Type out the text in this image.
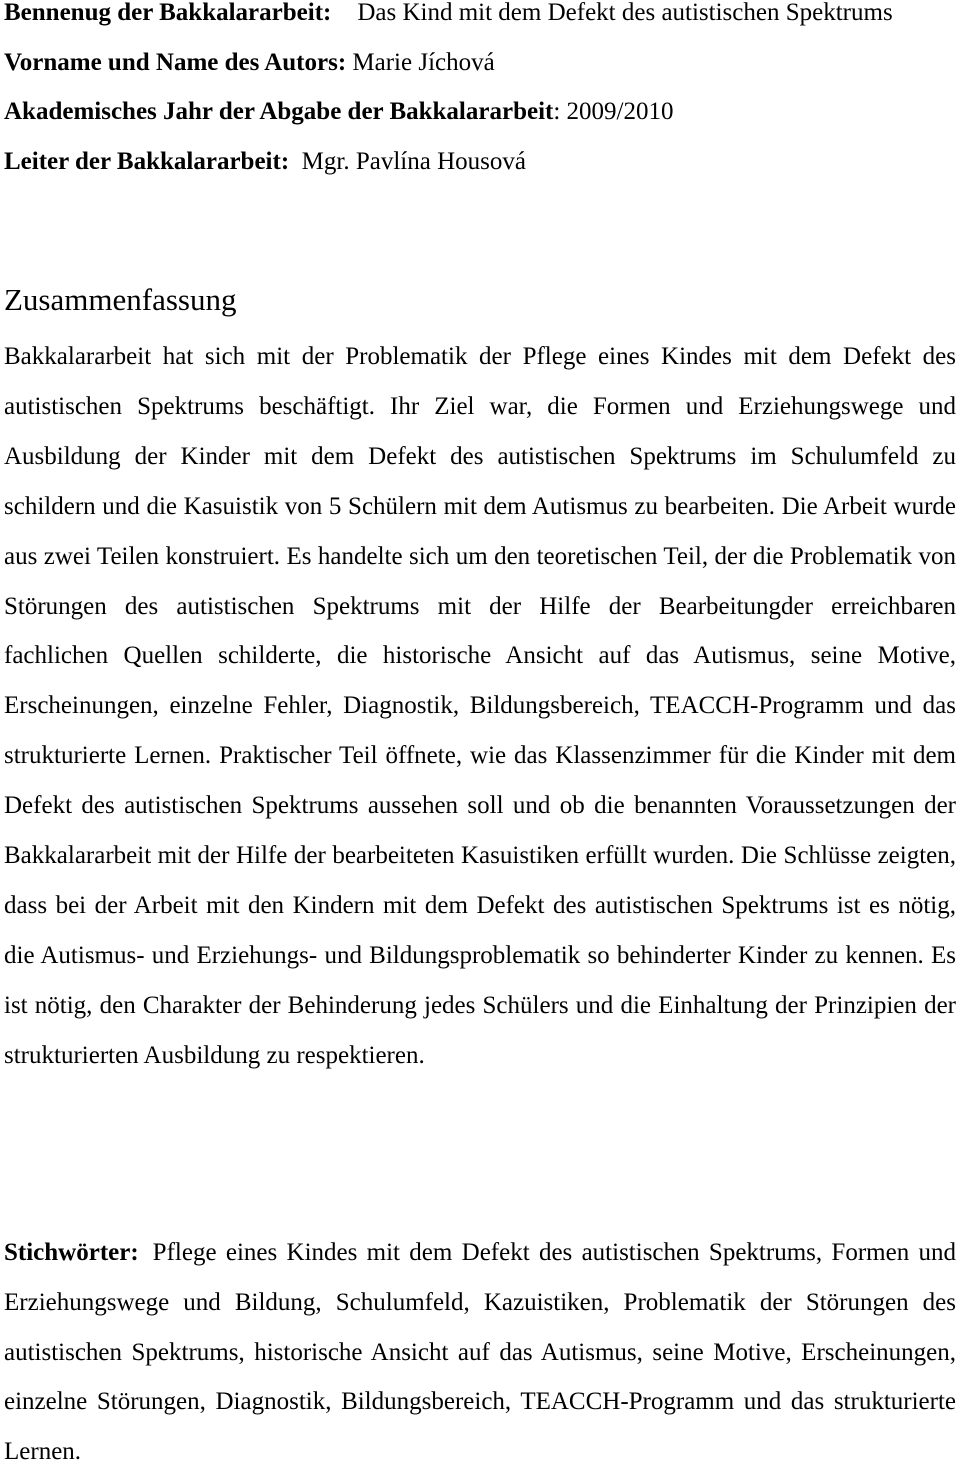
Bennenug der Bakkalararbeit: Das Kind mit dem Defekt des autistischen Spektrums

Vorname und Name des Autors: Marie Jíchová

Akademisches Jahr der Abgabe der Bakkalararbeit: 2009/2010

Leiter der Bakkalararbeit: Mgr. Pavlína Housová

Zusammenfassung

Bakkalararbeit hat sich mit der Problematik der Pflege eines Kindes mit dem Defekt des autistischen Spektrums beschäftigt. Ihr Ziel war, die Formen und Erziehungswege und Ausbildung der Kinder mit dem Defekt des autistischen Spektrums im Schulumfeld zu schildern und die Kasuistik von 5 Schülern mit dem Autismus zu bearbeiten. Die Arbeit wurde aus zwei Teilen konstruiert. Es handelte sich um den teoretischen Teil, der die Problematik von Störungen des autistischen Spektrums mit der Hilfe der Bearbeitungder erreichbaren fachlichen Quellen schilderte, die historische Ansicht auf das Autismus, seine Motive, Erscheinungen, einzelne Fehler, Diagnostik, Bildungsbereich, TEACCH-Programm und das strukturierte Lernen. Praktischer Teil öffnete, wie das Klassenzimmer für die Kinder mit dem Defekt des autistischen Spektrums aussehen soll und ob die benannten Voraussetzungen der Bakkalararbeit mit der Hilfe der bearbeiteten Kasuistiken erfüllt wurden. Die Schlüsse zeigten, dass bei der Arbeit mit den Kindern mit dem Defekt des autistischen Spektrums ist es nötig, die Autismus- und Erziehungs- und Bildungsproblematik so behinderter Kinder zu kennen. Es ist nötig, den Charakter der Behinderung jedes Schülers und die Einhaltung der Prinzipien der strukturierten Ausbildung zu respektieren.

Stichwörter: Pflege eines Kindes mit dem Defekt des autistischen Spektrums, Formen und Erziehungswege und Bildung, Schulumfeld, Kazuistiken, Problematik der Störungen des autistischen Spektrums, historische Ansicht auf das Autismus, seine Motive, Erscheinungen, einzelne Störungen, Diagnostik, Bildungsbereich, TEACCH-Programm und das strukturierte Lernen.
